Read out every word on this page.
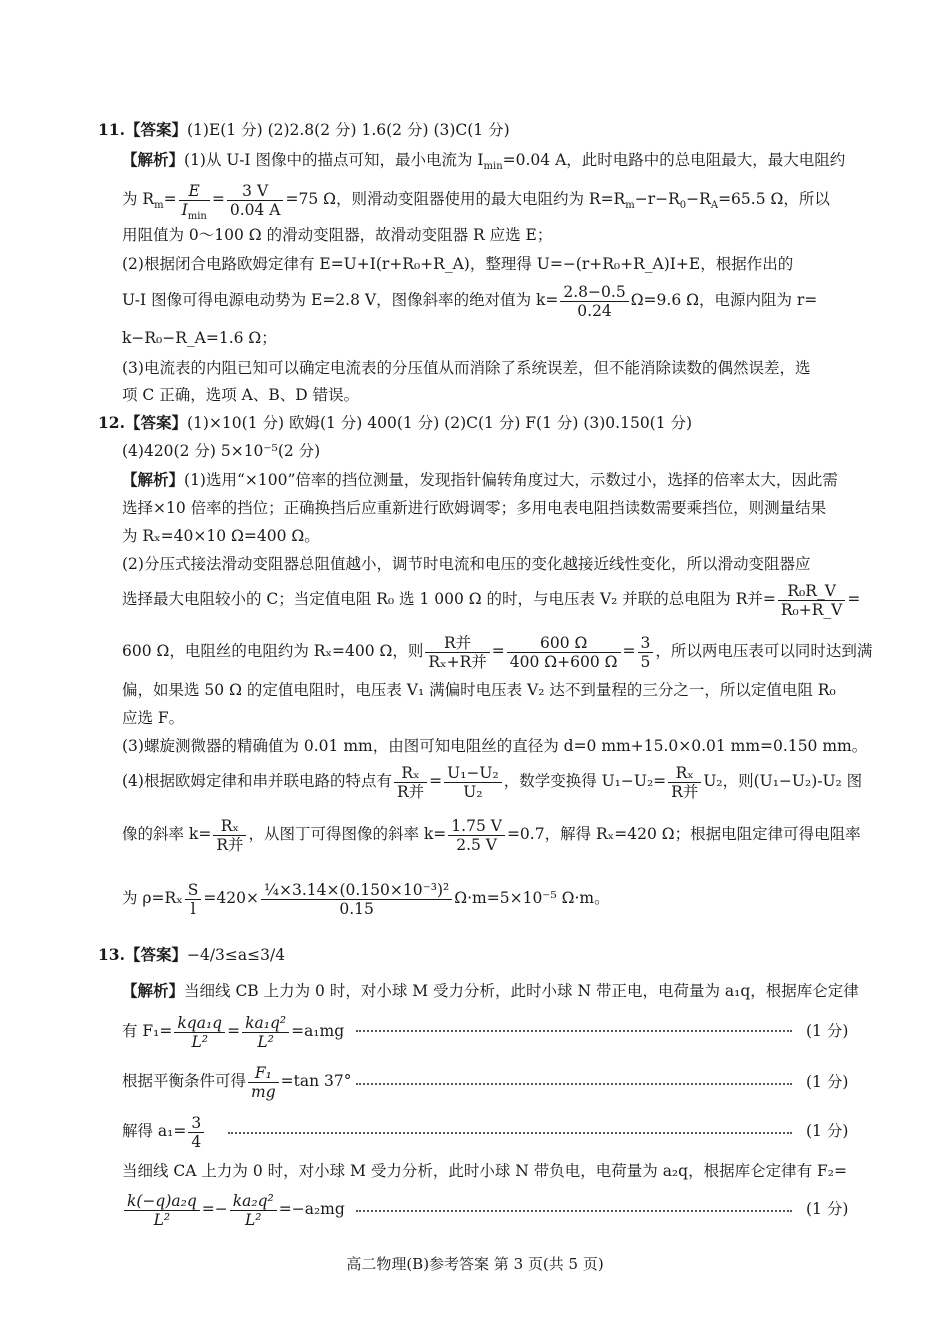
11.【答案】(1)E(1 分) (2)2.8(2 分) 1.6(2 分) (3)C(1 分)
【解析】(1)从 U-I 图像中的描点可知，最小电流为 $I_{min}=0.04$ A，此时电路中的总电阻最大，最大电阻约
为 $R_m= E$
$I_{min}$
= $\frac{3 V}{0.04 A} =75$ Ω，则滑动变阻器使用的最大电阻约为 $R=R_m-r-R_0-R_A=65.5$ Ω，所以
用阻值为 0～100 Ω 的滑动变阻器，故滑动变阻器 R 应选 E；
(2)根据闭合电路欧姆定律有 E=U+I(r+R₀+R_A)，整理得 U=−(r+R₀+R_A)I+E，根据作出的
U-I 图像可得电源电动势为 E=2.8 V，图像斜率的绝对值为 $k= \frac{2.8-0.5}{0.24} \Omega=9.6$ Ω，电源内阻为 r=
k−R₀−R_A=1.6 Ω；
(3)电流表的内阻已知可以确定电流表的分压值从而消除了系统误差，但不能消除读数的偶然误差，选
项 C 正确，选项 A、B、D 错误。
12.【答案】(1)×10(1 分) 欧姆(1 分) 400(1 分) (2)C(1 分) F(1 分) (3)0.150(1 分)
(4)420(2 分) 5×10⁻⁵(2 分)
【解析】(1)选用“×100”倍率的挡位测量，发现指针偏转角度过大，示数过小，选择的倍率太大，因此需
选择×10 倍率的挡位；正确换挡后应重新进行欧姆调零；多用电表电阻挡读数需要乘挡位，则测量结果
为 Rₓ=40×10 Ω=400 Ω。
(2)分压式接法滑动变阻器总阻值越小，调节时电流和电压的变化越接近线性变化，所以滑动变阻器应
选择最大电阻较小的 C；当定值电阻 R₀ 选 1 000 Ω 的时，与电压表 V₂ 并联的总电阻为 R并= $\frac{\text{R₀R\_V}}{\text{R₀+R\_V}}$ =
600 Ω，电阻丝的电阻约为 Rₓ=400 Ω，则	R并
Rₓ+R并
= $\frac{600 \Omega}{400 \Omega+600 \Omega} = \frac{3}{5}$ ，所以两电压表可以同时达到满
偏，如果选 50 Ω 的定值电阻时，电压表 V₁ 满偏时电压表 V₂ 达不到量程的三分之一，所以定值电阻 R₀
应选 F。
(3)螺旋测微器的精确值为 0.01 mm，由图可知电阻丝的直径为 d=0 mm+15.0×0.01 mm=0.150 mm。
(4)根据欧姆定律和串并联电路的特点有 Rₓ
R并
= $\frac{\text{U₁−U₂}}{\text{U₂}}$ ，数学变换得 U₁−U₂= Rₓ
R并
U₂，则(U₁−U₂)-U₂ 图
像的斜率 k= Rₓ
R并
，从图丁可得图像的斜率 $k= \frac{1.75 V}{2.5 V} =0.7$，解得 Rₓ=420 Ω；根据电阻定律可得电阻率
为 $\rho=R_x \frac{S}{l} =420\times \frac{\text{¼×3.14×(0.150×10⁻³)²}}{0.15} \Omega\cdot m=5\times 10^{-5}$ Ω·m。
13.【答案】−4/3≤a≤3/4
【解析】当细线 CB 上力为 0 时，对小球 M 受力分析，此时小球 N 带正电，电荷量为 a₁q，根据库仑定律
有 F₁= kqa₁q
L²
= $\frac{\text{ka₁q²}}{\text{L²}} =a_1mg$	(1 分)
根据平衡条件可得 $\frac{\text{F₁}}{mg} =\tan$ 37°	(1 分)
解得 $a_1= \frac{3}{4}$	(1 分)
当细线 CA 上力为 0 时，对小球 M 受力分析，此时小球 N 带负电，电荷量为 a₂q，根据库仑定律有 F₂=
$\frac{\text{k(−q)a₂q}}{\text{L²}} =- \frac{\text{ka₂q²}}{\text{L²}} =-a_2mg$	(1 分)
高二物理(B)参考答案 第 3 页(共 5 页)
